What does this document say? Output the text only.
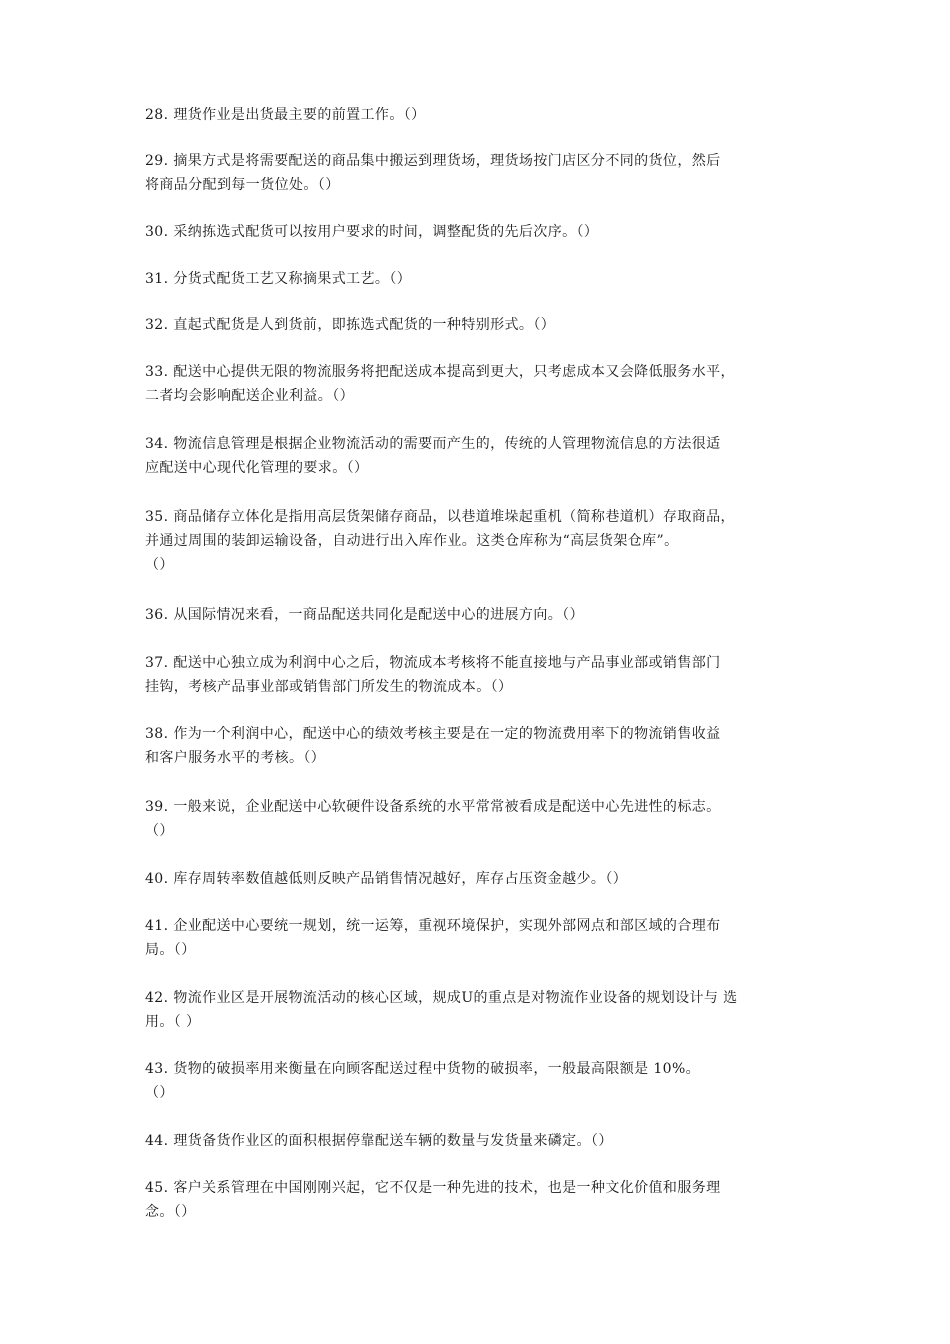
28. 理货作业是出货最主要的前置工作。（）
29. 摘果方式是将需要配送的商品集中搬运到理货场，理货场按门店区分不同的货位，然后
将商品分配到每一货位处。（）
30. 采纳拣选式配货可以按用户要求的时间，调整配货的先后次序。（）
31. 分货式配货工艺又称摘果式工艺。（）
32. 直起式配货是人到货前，即拣选式配货的一种特别形式。（）
33. 配送中心提供无限的物流服务将把配送成本提高到更大，只考虑成本又会降低服务水平，
二者均会影响配送企业利益。（）
34. 物流信息管理是根据企业物流活动的需要而产生的，传统的人管理物流信息的方法很适
应配送中心现代化管理的要求。（）
35. 商品储存立体化是指用高层货架储存商品，以巷道堆垛起重机（简称巷道机）存取商品，
并通过周围的装卸运输设备，自动进行出入库作业。这类仓库称为“高层货架仓库”。
（）
36. 从国际情况来看，一商品配送共同化是配送中心的进展方向。（）
37. 配送中心独立成为利润中心之后，物流成本考核将不能直接地与产品事业部或销售部门
挂钩，考核产品事业部或销售部门所发生的物流成本。（）
38. 作为一个利润中心，配送中心的绩效考核主要是在一定的物流费用率下的物流销售收益
和客户服务水平的考核。（）
39. 一般来说，企业配送中心软硬件设备系统的水平常常被看成是配送中心先进性的标志。
（）
40. 库存周转率数值越低则反映产品销售情况越好，库存占压资金越少。（）
41. 企业配送中心要统一规划，统一运筹，重视环境保护，实现外部网点和部区域的合理布
局。（）
42. 物流作业区是开展物流活动的核心区域，规成U的重点是对物流作业设备的规划设计与 选
用。（ ）
43. 货物的破损率用来衡量在向顾客配送过程中货物的破损率，一般最高限额是 10%。
（）
44. 理货备货作业区的面积根据停靠配送车辆的数量与发货量来磷定。（）
45. 客户关系管理在中国刚刚兴起，它不仅是一种先进的技术，也是一种文化价值和服务理
念。（）
